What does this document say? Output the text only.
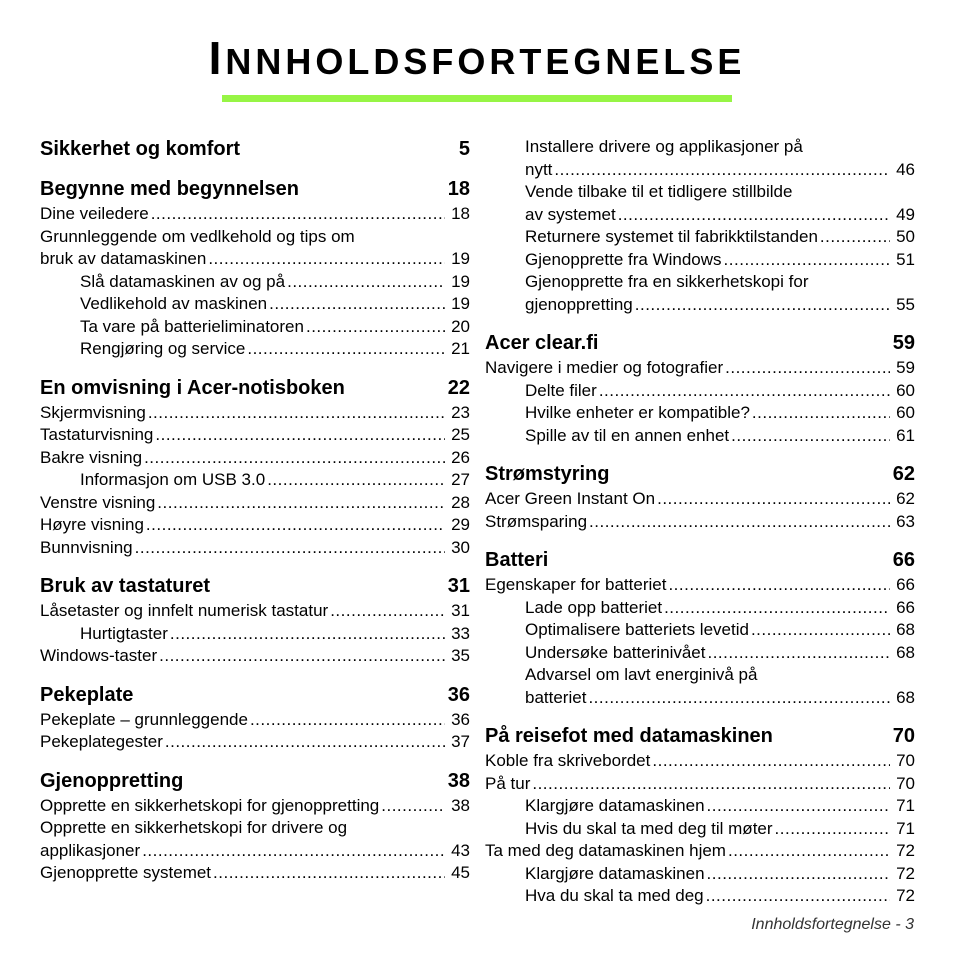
INNHOLDSFORTEGNELSE
Sikkerhet og komfort	5
Begynne med begynnelsen	18
Dine veiledere .....	18
Grunnleggende om vedlkehold og tips om
bruk av datamaskinen .....	19
Slå datamaskinen av og på .....	19
Vedlikehold av maskinen .....	19
Ta vare på batterieliminatoren .....	20
Rengjøring og service .....	21
En omvisning i Acer-notisboken	22
Skjermvisning .....	23
Tastaturvisning .....	25
Bakre visning .....	26
Informasjon om USB 3.0 .....	27
Venstre visning .....	28
Høyre visning .....	29
Bunnvisning .....	30
Bruk av tastaturet	31
Låsetaster og innfelt numerisk tastatur .....	31
Hurtigtaster .....	33
Windows-taster .....	35
Pekeplate	36
Pekeplate – grunnleggende .....	36
Pekeplategester .....	37
Gjenoppretting	38
Opprette en sikkerhetskopi for gjenoppretting .....	38
Opprette en sikkerhetskopi for drivere og
applikasjoner .....	43
Gjenopprette systemet .....	45
Installere drivere og applikasjoner på
nytt .....	46
Vende tilbake til et tidligere stillbilde
av systemet .....	49
Returnere systemet til fabrikktilstanden .....	50
Gjenopprette fra Windows .....	51
Gjenopprette fra en sikkerhetskopi for
gjenoppretting .....	55
Acer clear.fi	59
Navigere i medier og fotografier .....	59
Delte filer .....	60
Hvilke enheter er kompatible? .....	60
Spille av til en annen enhet .....	61
Strømstyring	62
Acer Green Instant On .....	62
Strømsparing .....	63
Batteri	66
Egenskaper for batteriet .....	66
Lade opp batteriet .....	66
Optimalisere batteriets levetid .....	68
Undersøke batterinivået .....	68
Advarsel om lavt energinivå på
batteriet .....	68
På reisefot med datamaskinen	70
Koble fra skrivebordet .....	70
På tur .....	70
Klargjøre datamaskinen .....	71
Hvis du skal ta med deg til møter .....	71
Ta med deg datamaskinen hjem .....	72
Klargjøre datamaskinen .....	72
Hva du skal ta med deg .....	72
Innholdsfortegnelse - 3
